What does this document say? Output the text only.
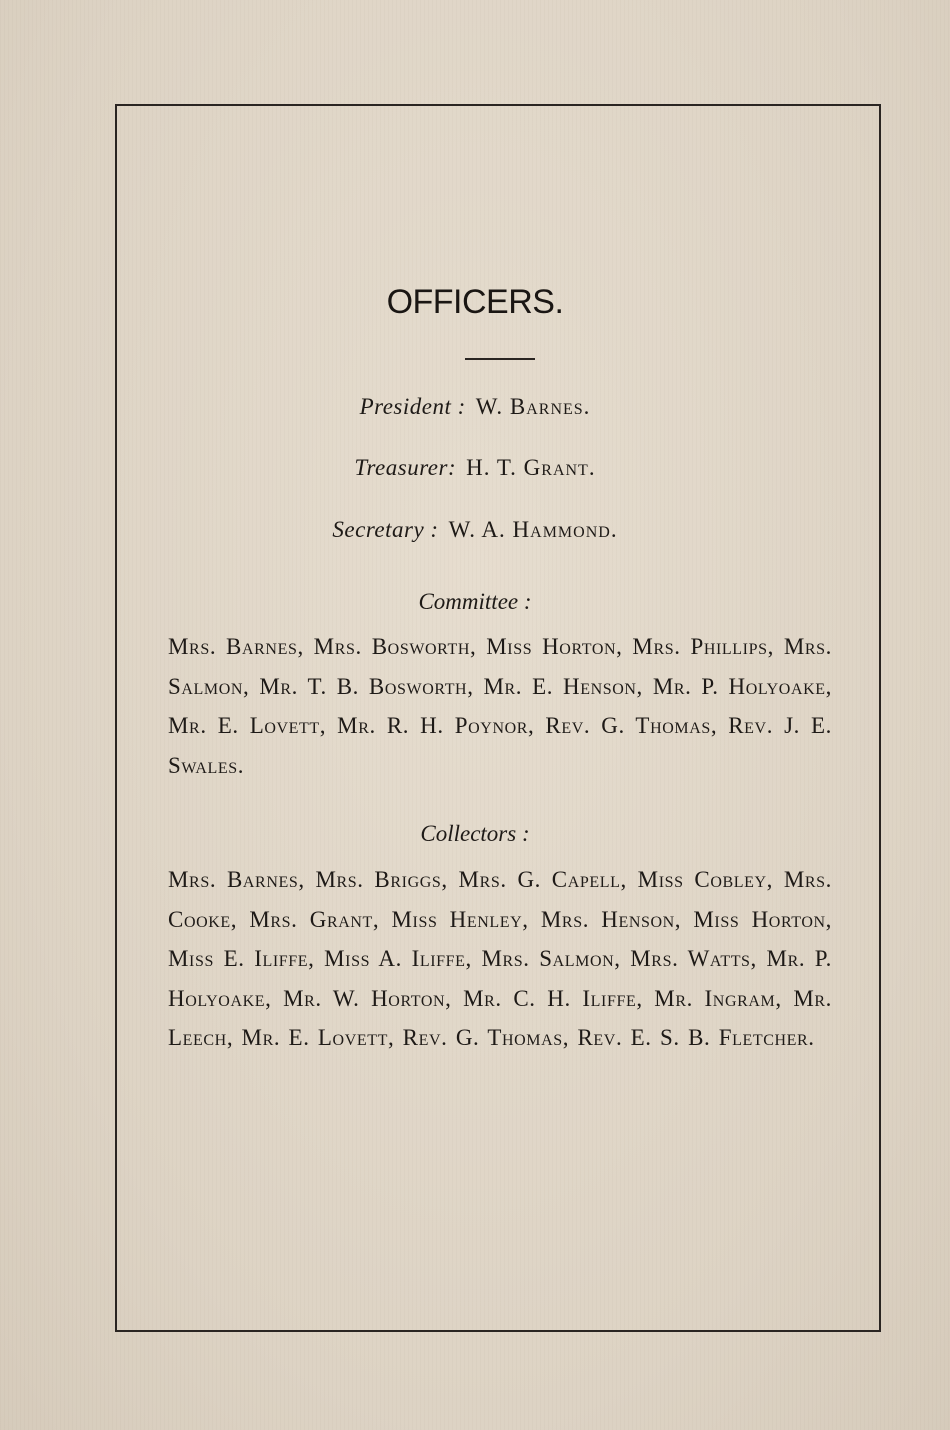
OFFICERS.
President : W. Barnes.
Treasurer: H. T. Grant.
Secretary : W. A. Hammond.
Committee :
Mrs. Barnes, Mrs. Bosworth, Miss Horton, Mrs. Phillips, Mrs. Salmon, Mr. T. B. Bosworth, Mr. E. Henson, Mr. P. Holyoake, Mr. E. Lovett, Mr. R. H. Poynor, Rev. G. Thomas, Rev. J. E. Swales.
Collectors :
Mrs. Barnes, Mrs. Briggs, Mrs. G. Capell, Miss Cobley, Mrs. Cooke, Mrs. Grant, Miss Henley, Mrs. Henson, Miss Horton, Miss E. Iliffe, Miss A. Iliffe, Mrs. Salmon, Mrs. Watts, Mr. P. Holyoake, Mr. W. Horton, Mr. C. H. Iliffe, Mr. Ingram, Mr. Leech, Mr. E. Lovett, Rev. G. Thomas, Rev. E. S. B. Fletcher.
